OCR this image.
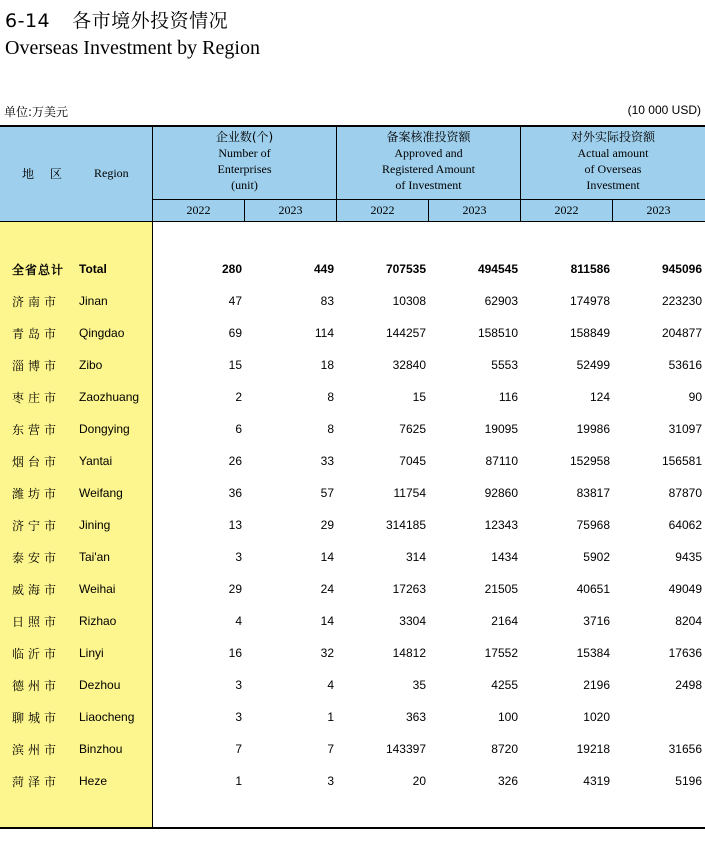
6-14 各市境外投资情况
Overseas Investment by Region
单位:万美元	(10 000 USD)
地 区 Region
企业数(个)
Number of
Enterprises
(unit)
备案核准投资额
Approved and
Registered Amount
of Investment
对外实际投资额
Actual amount
of Overseas
Investment
2022	2023	2022	2023	2022	2023
全省总计 Total	280	449	707535	494545	811586	945096
济南市 Jinan	47	83	10308	62903	174978	223230
青岛市 Qingdao	69	114	144257	158510	158849	204877
淄博市 Zibo	15	18	32840	5553	52499	53616
枣庄市 Zaozhuang	2	8	15	116	124	90
东营市 Dongying	6	8	7625	19095	19986	31097
烟台市 Yantai	26	33	7045	87110	152958	156581
潍坊市 Weifang	36	57	11754	92860	83817	87870
济宁市 Jining	13	29	314185	12343	75968	64062
泰安市 Tai'an	3	14	314	1434	5902	9435
威海市 Weihai	29	24	17263	21505	40651	49049
日照市 Rizhao	4	14	3304	2164	3716	8204
临沂市 Linyi	16	32	14812	17552	15384	17636
德州市 Dezhou	3	4	35	4255	2196	2498
聊城市 Liaocheng	3	1	363	100	1020
滨州市 Binzhou	7	7	143397	8720	19218	31656
菏泽市 Heze	1	3	20	326	4319	5196
